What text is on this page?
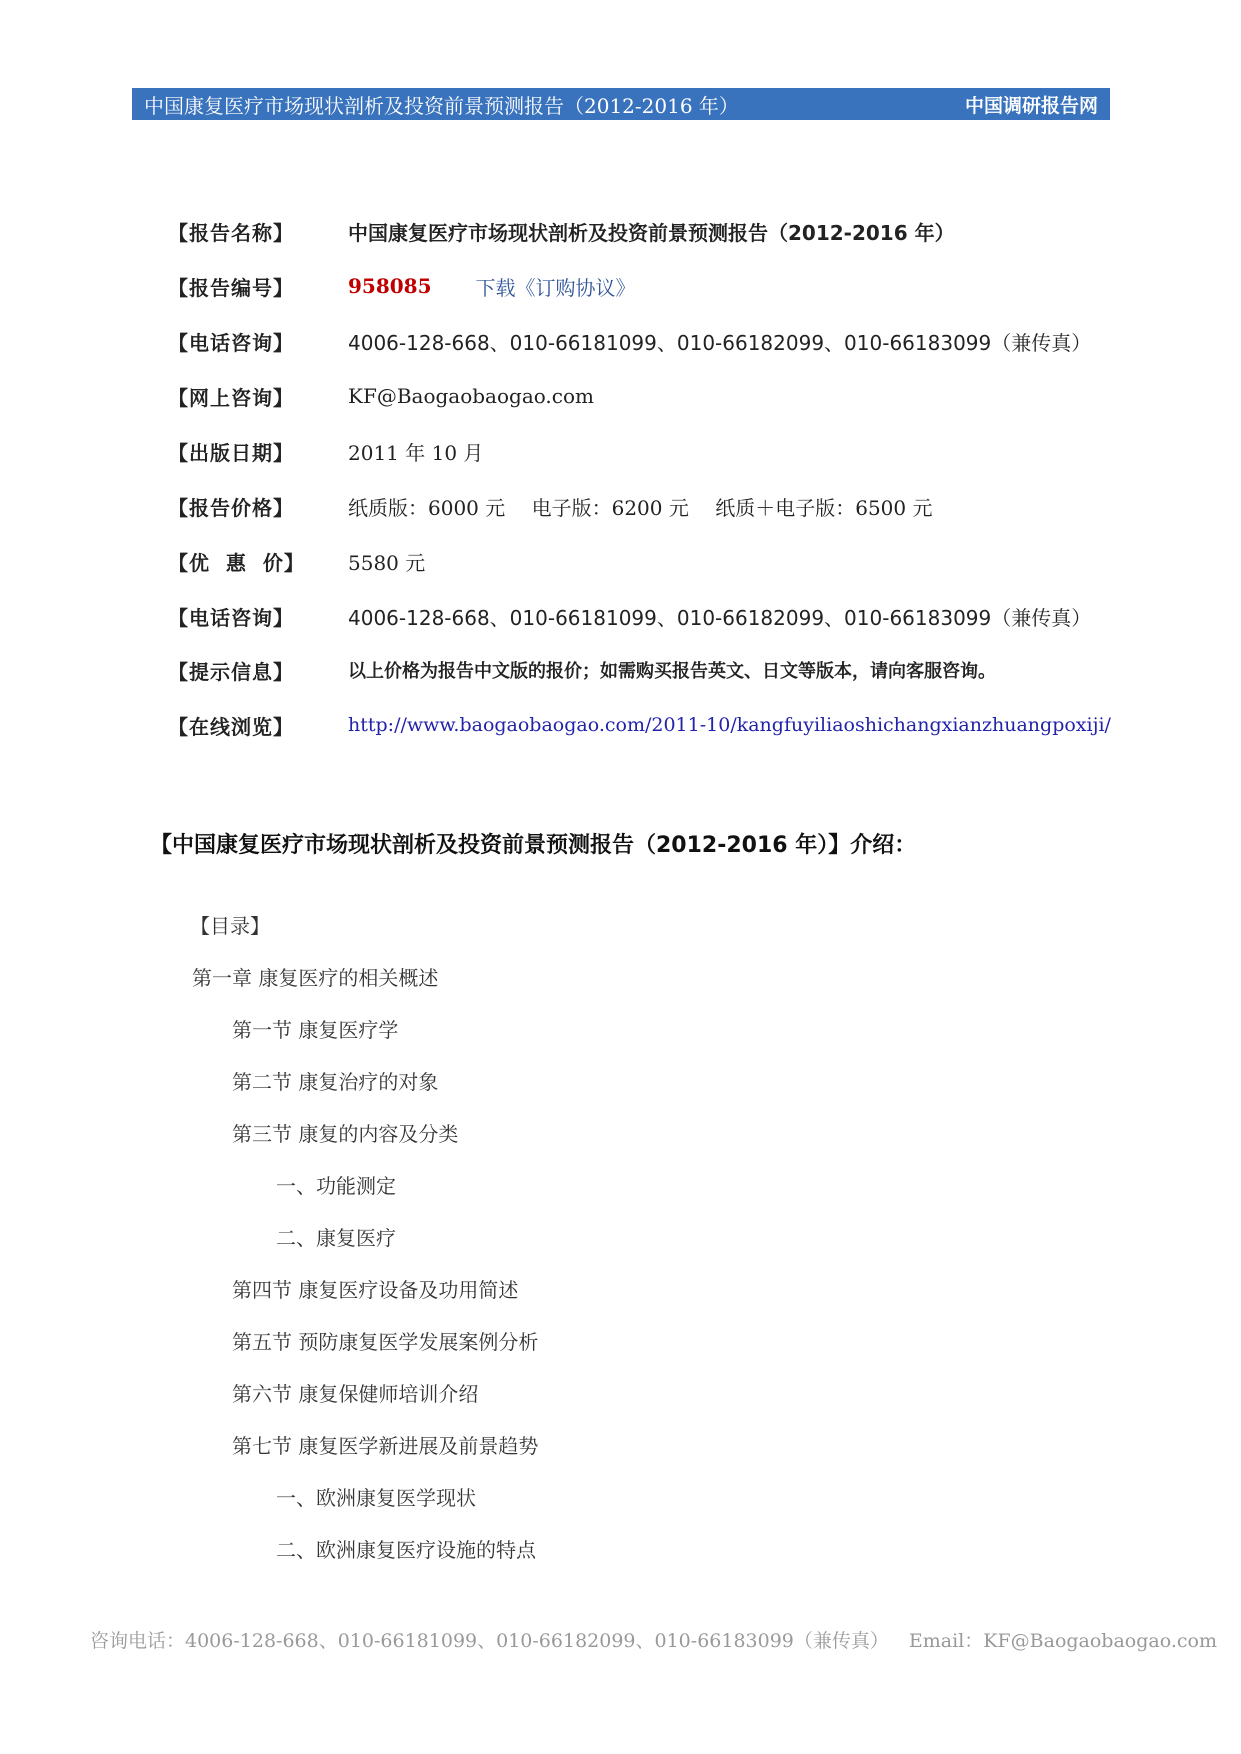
中国康复医疗市场现状剖析及投资前景预测报告（2012-2016 年）	中国调研报告网
【报告名称】	中国康复医疗市场现状剖析及投资前景预测报告（2012-2016 年）
【报告编号】	958085 下载《订购协议》
【电话咨询】	4006-128-668、010-66181099、010-66182099、010-66183099（兼传真）
【网上咨询】	KF@Baogaobaogao.com
【出版日期】	2011 年 10 月
【报告价格】	纸质版：6000 元　 电子版：6200 元　 纸质＋电子版：6500 元
【优  惠  价】	5580 元
【电话咨询】	4006-128-668、010-66181099、010-66182099、010-66183099（兼传真）
【提示信息】	以上价格为报告中文版的报价；如需购买报告英文、日文等版本，请向客服咨询。
【在线浏览】	http://www.baogaobaogao.com/2011-10/kangfuyiliaoshichangxianzhuangpoxiji/
【中国康复医疗市场现状剖析及投资前景预测报告（2012-2016 年）】介绍：
【目录】
第一章 康复医疗的相关概述
第一节 康复医疗学
第二节 康复治疗的对象
第三节 康复的内容及分类
一、功能测定
二、康复医疗
第四节 康复医疗设备及功用简述
第五节 预防康复医学发展案例分析
第六节 康复保健师培训介绍
第七节 康复医学新进展及前景趋势
一、欧洲康复医学现状
二、欧洲康复医疗设施的特点
咨询电话：4006-128-668、010-66181099、010-66182099、010-66183099（兼传真） Email：KF@Baogaobaogao.com
